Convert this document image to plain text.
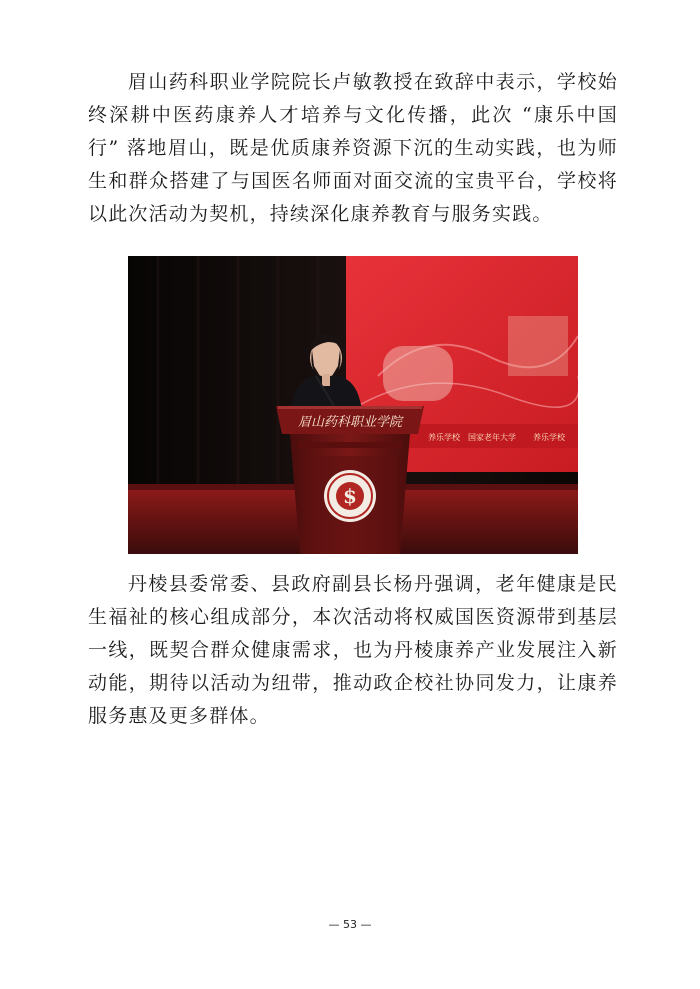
眉山药科职业学院院长卢敏教授在致辞中表示，学校始终深耕中医药康养人才培养与文化传播，此次 “康乐中国行” 落地眉山，既是优质康养资源下沉的生动实践，也为师生和群众搭建了与国医名师面对面交流的宝贵平台，学校将以此次活动为契机，持续深化康养教育与服务实践。

养乐学校 国家老年大学 养乐学校
眉山药科职业学院
$

丹棱县委常委、县政府副县长杨丹强调，老年健康是民生福祉的核心组成部分，本次活动将权威国医资源带到基层一线，既契合群众健康需求，也为丹棱康养产业发展注入新动能，期待以活动为纽带，推动政企校社协同发力，让康养服务惠及更多群体。

— 53 —
